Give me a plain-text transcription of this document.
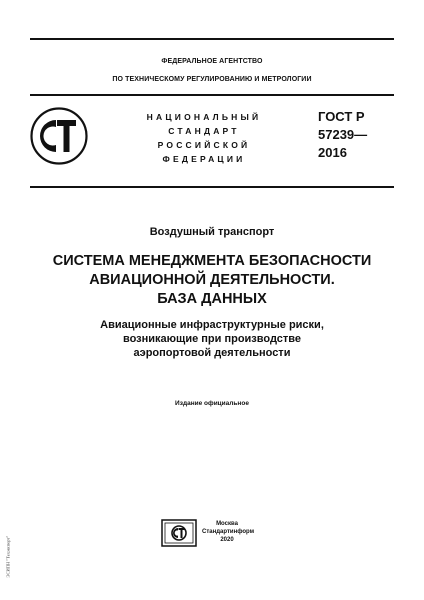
ФЕДЕРАЛЬНОЕ АГЕНТСТВО
ПО ТЕХНИЧЕСКОМУ РЕГУЛИРОВАНИЮ И МЕТРОЛОГИИ
НАЦИОНАЛЬНЫЙ
СТАНДАРТ
РОССИЙСКОЙ
ФЕДЕРАЦИИ
ГОСТ Р
57239—
2016
Воздушный транспорт
СИСТЕМА МЕНЕДЖМЕНТА БЕЗОПАСНОСТИ
АВИАЦИОННОЙ ДЕЯТЕЛЬНОСТИ.
БАЗА ДАННЫХ
Авиационные инфраструктурные риски,
возникающие при производстве
аэропортовой деятельности
Издание официальное
Москва
Стандартинформ
2020
ЭСИПН "Техэксперт"
